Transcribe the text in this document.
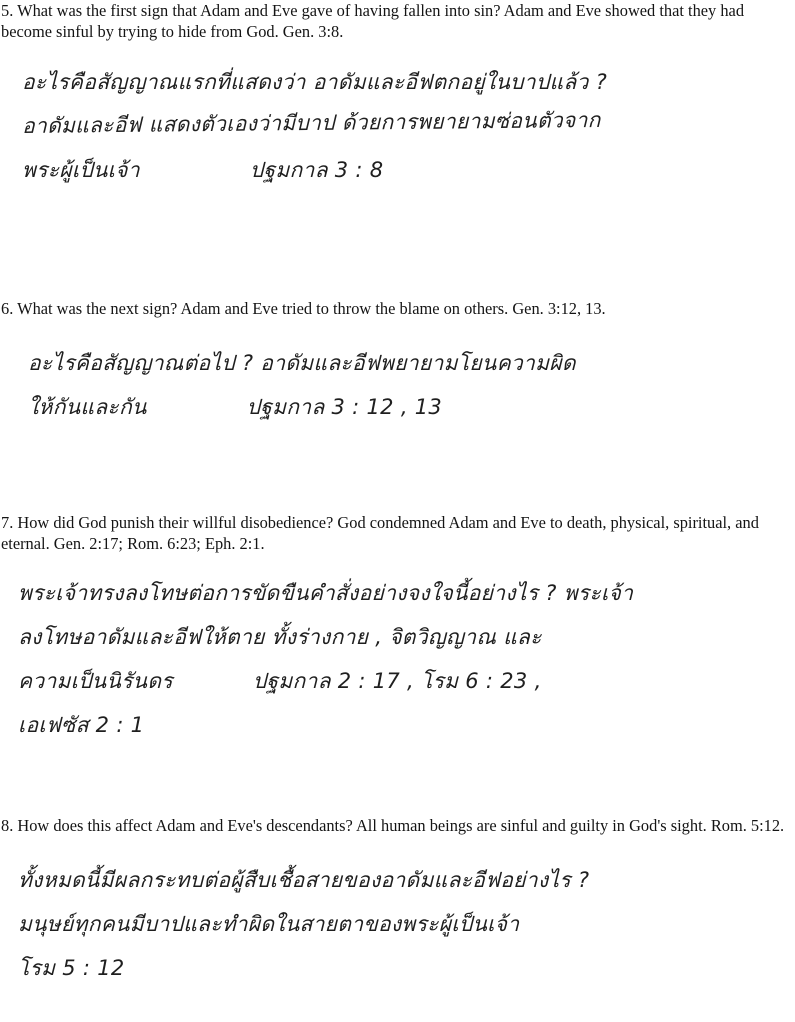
5. What was the first sign that Adam and Eve gave of having fallen into sin? Adam and Eve showed that they had become sinful by trying to hide from God. Gen. 3:8.

อะไรคือสัญญาณแรกที่แสดงว่า อาดัมและอีฟตกอยู่ในบาปแล้ว ?
อาดัมและอีฟ แสดงตัวเองว่ามีบาป ด้วยการพยายามซ่อนตัวจาก
พระผู้เป็นเจ้า	ปฐมกาล 3 : 8

6. What was the next sign? Adam and Eve tried to throw the blame on others. Gen. 3:12, 13.

อะไรคือสัญญาณต่อไป ? อาดัมและอีฟพยายามโยนความผิด
ให้กันและกัน	ปฐมกาล 3 : 12 , 13

7. How did God punish their willful disobedience? God condemned Adam and Eve to death, physical, spiritual, and eternal. Gen. 2:17; Rom. 6:23; Eph. 2:1.

พระเจ้าทรงลงโทษต่อการขัดขืนคำสั่งอย่างจงใจนี้อย่างไร ? พระเจ้า
ลงโทษอาดัมและอีฟให้ตาย ทั้งร่างกาย , จิตวิญญาณ และ
ความเป็นนิรันดร	ปฐมกาล 2 : 17 , โรม 6 : 23 ,
เอเฟซัส 2 : 1

8. How does this affect Adam and Eve's descendants? All human beings are sinful and guilty in God's sight. Rom. 5:12.

ทั้งหมดนี้มีผลกระทบต่อผู้สืบเชื้อสายของอาดัมและอีฟอย่างไร ?
มนุษย์ทุกคนมีบาปและทำผิดในสายตาของพระผู้เป็นเจ้า
โรม 5 : 12
